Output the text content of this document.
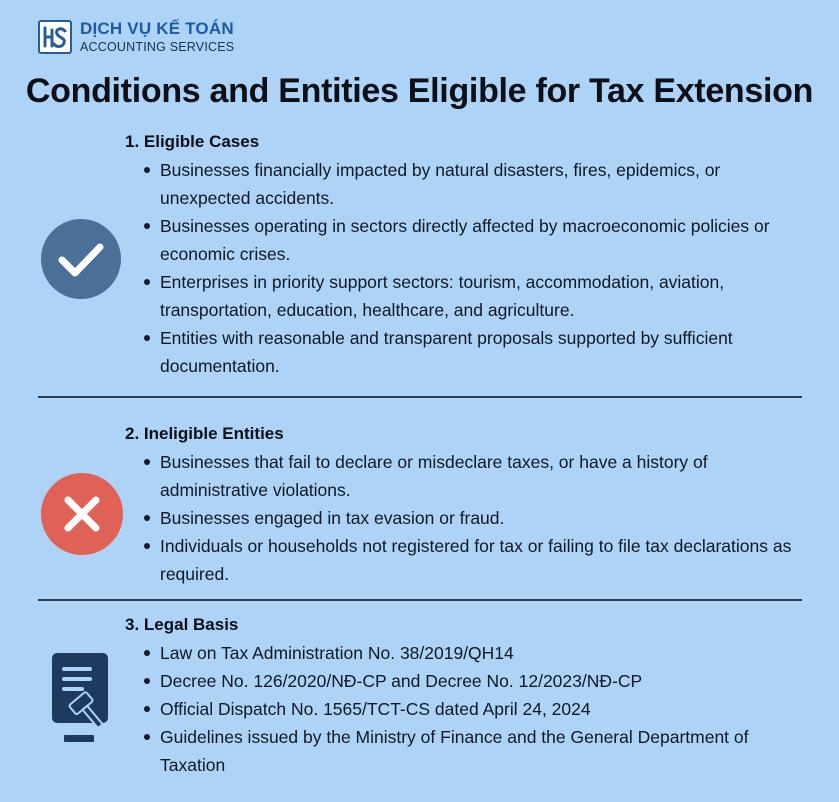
DỊCH VỤ KẾ TOÁN
ACCOUNTING SERVICES
Conditions and Entities Eligible for Tax Extension
1. Eligible Cases
Businesses financially impacted by natural disasters, fires, epidemics, or unexpected accidents.
Businesses operating in sectors directly affected by macroeconomic policies or economic crises.
Enterprises in priority support sectors: tourism, accommodation, aviation, transportation, education, healthcare, and agriculture.
Entities with reasonable and transparent proposals supported by sufficient documentation.
2. Ineligible Entities
Businesses that fail to declare or misdeclare taxes, or have a history of administrative violations.
Businesses engaged in tax evasion or fraud.
Individuals or households not registered for tax or failing to file tax declarations as required.
3. Legal Basis
Law on Tax Administration No. 38/2019/QH14
Decree No. 126/2020/NĐ-CP and Decree No. 12/2023/NĐ-CP
Official Dispatch No. 1565/TCT-CS dated April 24, 2024
Guidelines issued by the Ministry of Finance and the General Department of Taxation
